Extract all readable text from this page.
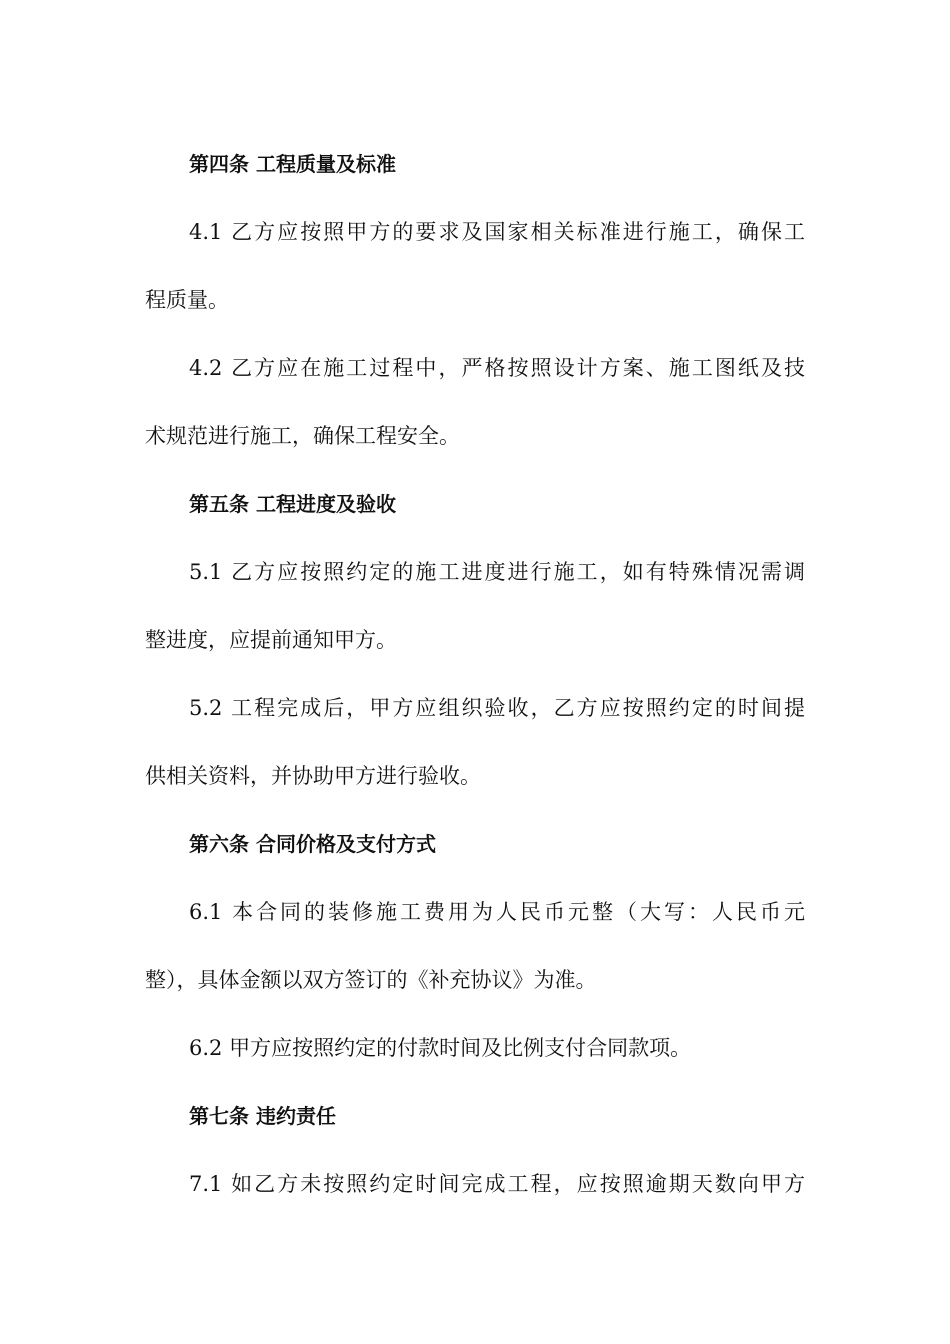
第四条 工程质量及标准
4.1 乙方应按照甲方的要求及国家相关标准进行施工，确保工
程质量。
4.2 乙方应在施工过程中，严格按照设计方案、施工图纸及技
术规范进行施工，确保工程安全。
第五条 工程进度及验收
5.1 乙方应按照约定的施工进度进行施工，如有特殊情况需调
整进度，应提前通知甲方。
5.2 工程完成后，甲方应组织验收，乙方应按照约定的时间提
供相关资料，并协助甲方进行验收。
第六条 合同价格及支付方式
6.1 本合同的装修施工费用为人民币元整（大写：人民币元
整），具体金额以双方签订的《补充协议》为准。
6.2 甲方应按照约定的付款时间及比例支付合同款项。
第七条 违约责任
7.1 如乙方未按照约定时间完成工程，应按照逾期天数向甲方
